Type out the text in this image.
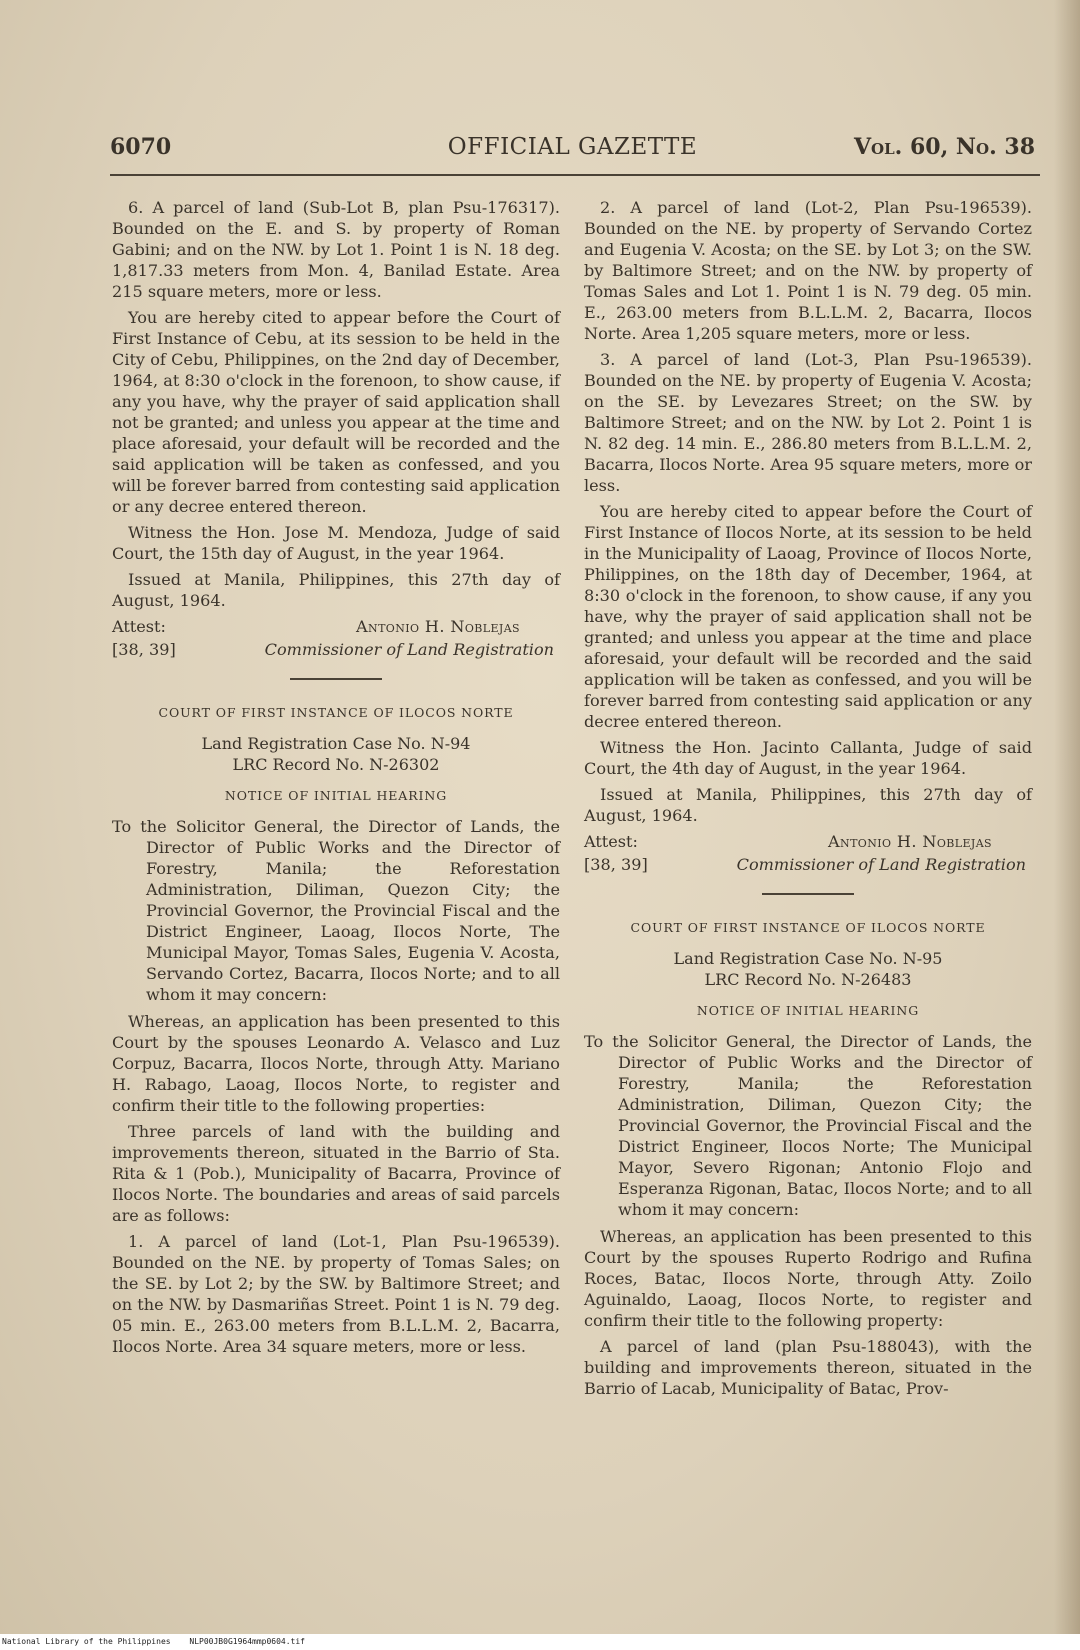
6070	OFFICIAL GAZETTE	Vol. 60, No. 38

6. A parcel of land (Sub-Lot B, plan Psu-176317). Bounded on the E. and S. by property of Roman Gabini; and on the NW. by Lot 1. Point 1 is N. 18 deg. 1,817.33 meters from Mon. 4, Banilad Estate. Area 215 square meters, more or less.

You are hereby cited to appear before the Court of First Instance of Cebu, at its session to be held in the City of Cebu, Philippines, on the 2nd day of December, 1964, at 8:30 o'clock in the forenoon, to show cause, if any you have, why the prayer of said application shall not be granted; and unless you appear at the time and place aforesaid, your default will be recorded and the said application will be taken as confessed, and you will be forever barred from contesting said application or any decree entered thereon.

Witness the Hon. Jose M. Mendoza, Judge of said Court, the 15th day of August, in the year 1964.

Issued at Manila, Philippines, this 27th day of August, 1964.

Attest:	Antonio H. Noblejas
[38, 39]	Commissioner of Land Registration
COURT OF FIRST INSTANCE OF ILOCOS NORTE
Land Registration Case No. N-94
LRC Record No. N-26302
NOTICE OF INITIAL HEARING

To the Solicitor General, the Director of Lands, the Director of Public Works and the Director of Forestry, Manila; the Reforestation Administration, Diliman, Quezon City; the Provincial Governor, the Provincial Fiscal and the District Engineer, Laoag, Ilocos Norte, The Municipal Mayor, Tomas Sales, Eugenia V. Acosta, Servando Cortez, Bacarra, Ilocos Norte; and to all whom it may concern:

Whereas, an application has been presented to this Court by the spouses Leonardo A. Velasco and Luz Corpuz, Bacarra, Ilocos Norte, through Atty. Mariano H. Rabago, Laoag, Ilocos Norte, to register and confirm their title to the following properties:

Three parcels of land with the building and improvements thereon, situated in the Barrio of Sta. Rita & 1 (Pob.), Municipality of Bacarra, Province of Ilocos Norte. The boundaries and areas of said parcels are as follows:

1. A parcel of land (Lot-1, Plan Psu-196539). Bounded on the NE. by property of Tomas Sales; on the SE. by Lot 2; by the SW. by Baltimore Street; and on the NW. by Dasmariñas Street. Point 1 is N. 79 deg. 05 min. E., 263.00 meters from B.L.L.M. 2, Bacarra, Ilocos Norte. Area 34 square meters, more or less.

2. A parcel of land (Lot-2, Plan Psu-196539). Bounded on the NE. by property of Servando Cortez and Eugenia V. Acosta; on the SE. by Lot 3; on the SW. by Baltimore Street; and on the NW. by property of Tomas Sales and Lot 1. Point 1 is N. 79 deg. 05 min. E., 263.00 meters from B.L.L.M. 2, Bacarra, Ilocos Norte. Area 1,205 square meters, more or less.

3. A parcel of land (Lot-3, Plan Psu-196539). Bounded on the NE. by property of Eugenia V. Acosta; on the SE. by Levezares Street; on the SW. by Baltimore Street; and on the NW. by Lot 2. Point 1 is N. 82 deg. 14 min. E., 286.80 meters from B.L.L.M. 2, Bacarra, Ilocos Norte. Area 95 square meters, more or less.

You are hereby cited to appear before the Court of First Instance of Ilocos Norte, at its session to be held in the Municipality of Laoag, Province of Ilocos Norte, Philippines, on the 18th day of December, 1964, at 8:30 o'clock in the forenoon, to show cause, if any you have, why the prayer of said application shall not be granted; and unless you appear at the time and place aforesaid, your default will be recorded and the said application will be taken as confessed, and you will be forever barred from contesting said application or any decree entered thereon.

Witness the Hon. Jacinto Callanta, Judge of said Court, the 4th day of August, in the year 1964.

Issued at Manila, Philippines, this 27th day of August, 1964.

Attest:	Antonio H. Noblejas
[38, 39]	Commissioner of Land Registration
COURT OF FIRST INSTANCE OF ILOCOS NORTE
Land Registration Case No. N-95
LRC Record No. N-26483
NOTICE OF INITIAL HEARING

To the Solicitor General, the Director of Lands, the Director of Public Works and the Director of Forestry, Manila; the Reforestation Administration, Diliman, Quezon City; the Provincial Governor, the Provincial Fiscal and the District Engineer, Ilocos Norte; The Municipal Mayor, Severo Rigonan; Antonio Flojo and Esperanza Rigonan, Batac, Ilocos Norte; and to all whom it may concern:

Whereas, an application has been presented to this Court by the spouses Ruperto Rodrigo and Rufina Roces, Batac, Ilocos Norte, through Atty. Zoilo Aguinaldo, Laoag, Ilocos Norte, to register and confirm their title to the following property:

A parcel of land (plan Psu-188043), with the building and improvements thereon, situated in the Barrio of Lacab, Municipality of Batac, Prov-

National Library of the Philippines NLP00JB0G1964mmp0604.tif
